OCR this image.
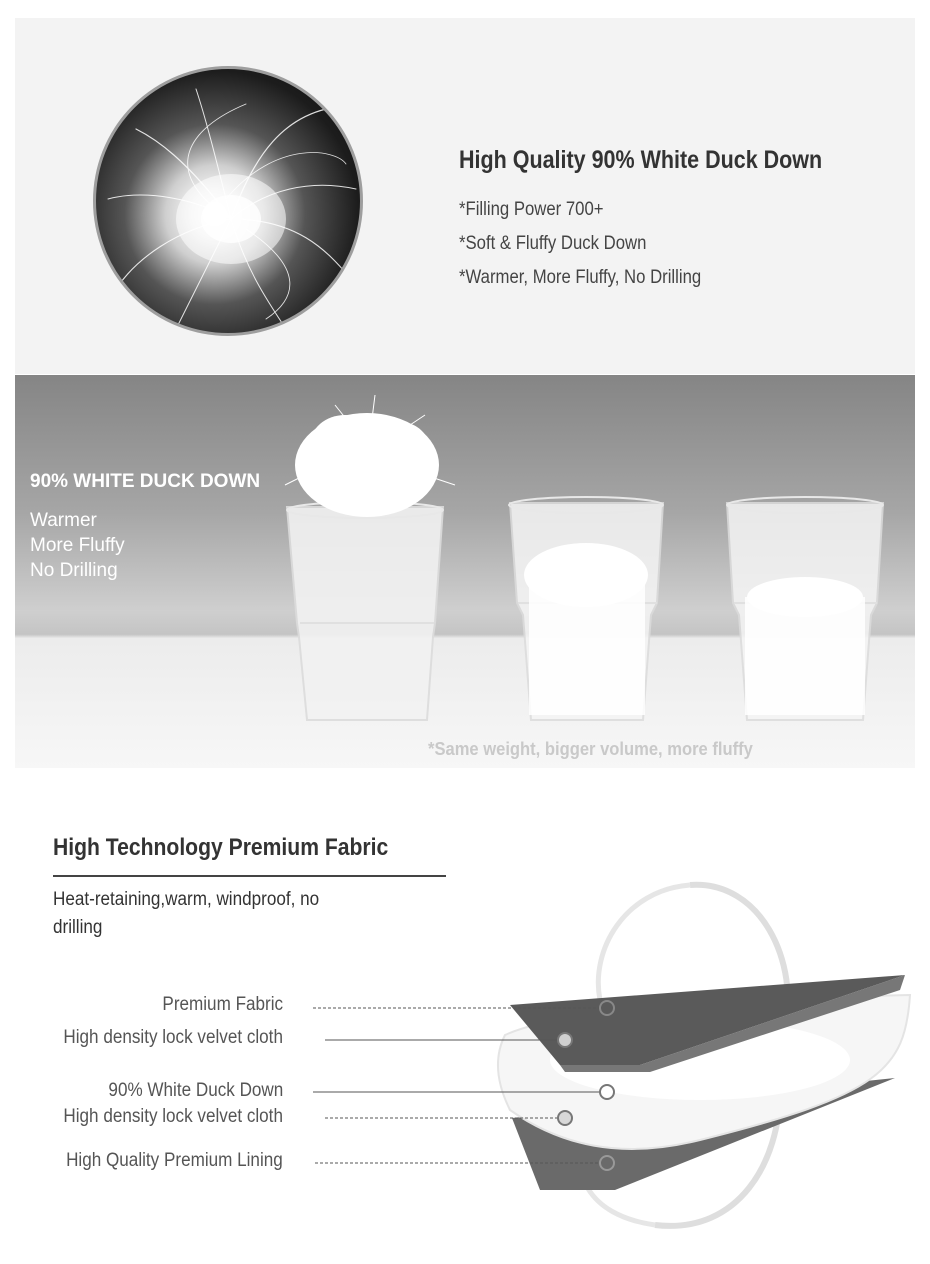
High Quality 90% White Duck Down
*Filling Power 700+
*Soft & Fluffy Duck Down
*Warmer, More Fluffy, No Drilling
90% WHITE DUCK DOWN
Warmer
More Fluffy
No Drilling
*Same weight, bigger volume, more fluffy
High Technology Premium Fabric
Heat-retaining,warm, windproof, no drilling
Premium Fabric
High density lock velvet cloth
90% White Duck Down
High density lock velvet cloth
High Quality Premium Lining
